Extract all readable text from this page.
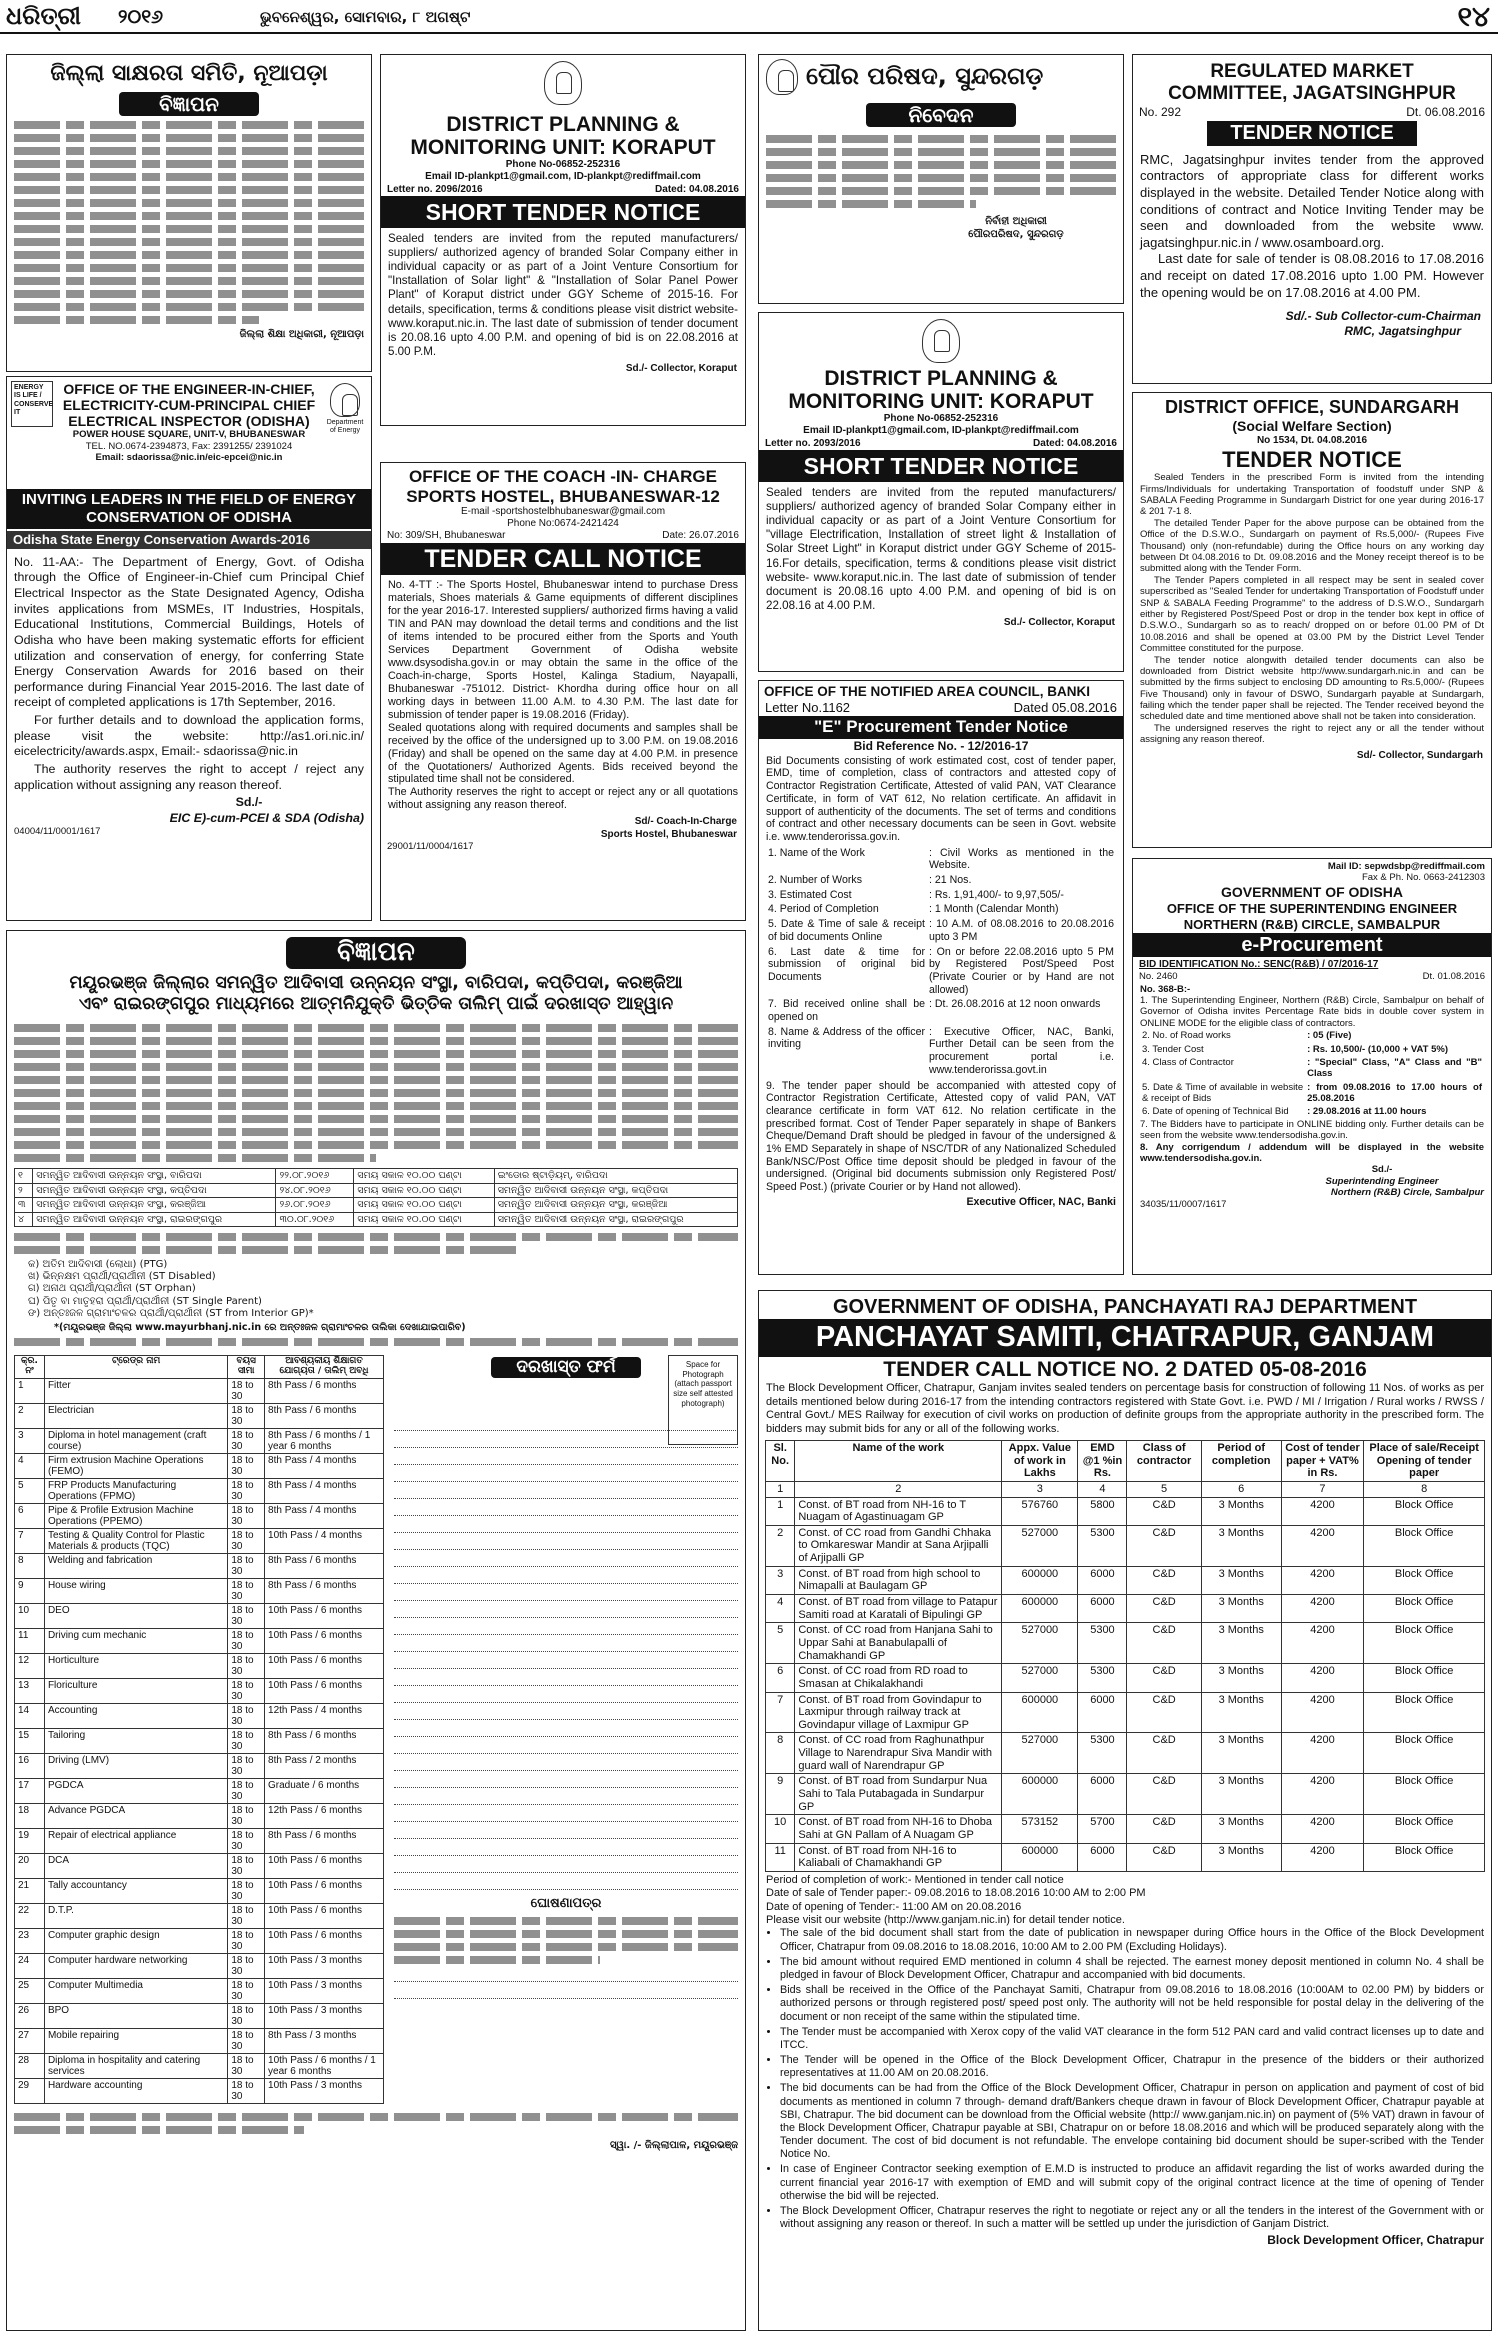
ଧରିତ୍ରୀ ୨୦୧୬	ଭୁବନେଶ୍ୱର, ସୋମବାର, ୮ ଅଗଷ୍ଟ	୧୪
ଜିଲ୍ଲା ସାକ୍ଷରତା ସମିତି, ନୂଆପଡ଼ା
ବିଜ୍ଞାପନ
ଜିଲ୍ଲା ଶିକ୍ଷା ଅଧିକାରୀ, ନୂଆପଡ଼ା
ENERGY IS LIFE / CONSERVE IT
Department of Energy
OFFICE OF THE ENGINEER-IN-CHIEF,
ELECTRICITY-CUM-PRINCIPAL CHIEF
ELECTRICAL INSPECTOR (ODISHA)
POWER HOUSE SQUARE, UNIT-V, BHUBANESWAR
TEL. NO.0674-2394873, Fax: 2391255/ 2391024
Email: sdaorissa@nic.in/eic-epcei@nic.in
INVITING LEADERS IN THE FIELD OF ENERGY CONSERVATION OF ODISHA
Odisha State Energy Conservation Awards-2016

No. 11-AA:- The Department of Energy, Govt. of Odisha through the Office of Engineer-in-Chief cum Principal Chief Electrical Inspector as the State Designated Agency, Odisha invites applications from MSMEs, IT Industries, Hospitals, Educational Institutions, Commercial Buildings, Hotels of Odisha who have been making systematic efforts for efficient utilization and conservation of energy, for conferring State Energy Conservation Awards for 2016 based on their performance during Financial Year 2015-2016. The last date of receipt of completed applications is 17th September, 2016.

For further details and to download the application forms, please visit the website: http://as1.ori.nic.in/ eicelectricity/awards.aspx, Email:- sdaorissa@nic.in

The authority reserves the right to accept / reject any application without assigning any reason thereof.

Sd./-
EIC E)-cum-PCEI & SDA (Odisha)
04004/11/0001/1617
DISTRICT PLANNING & MONITORING UNIT: KORAPUT
Phone No-06852-252316
Email ID-plankpt1@gmail.com, ID-plankpt@rediffmail.com
Letter no. 2096/2016	Dated: 04.08.2016
SHORT TENDER NOTICE
Sealed tenders are invited from the reputed manufacturers/ suppliers/ authorized agency of branded Solar Company either in individual capacity or as part of a Joint Venture Consortium for "Installation of Solar light" & "Installation of Solar Panel Power Plant" of Koraput district under GGY Scheme of 2015-16. For details, specification, terms & conditions please visit district website-www.koraput.nic.in. The last date of submission of tender document is 20.08.16 upto 4.00 P.M. and opening of bid is on 22.08.2016 at 5.00 P.M.
Sd./- Collector, Koraput
OFFICE OF THE COACH -IN- CHARGE
SPORTS HOSTEL, BHUBANESWAR-12
E-mail -sportshostelbhubaneswar@gmail.com
Phone No:0674-2421424
No: 309/SH, Bhubaneswar	Date: 26.07.2016
TENDER CALL NOTICE

No. 4-TT :- The Sports Hostel, Bhubaneswar intend to purchase Dress materials, Shoes materials & Game equipments of different disciplines for the year 2016-17. Interested suppliers/ authorized firms having a valid TIN and PAN may download the detail terms and conditions and the list of items intended to be procured either from the Sports and Youth Services Department Government of Odisha website www.dsysodisha.gov.in or may obtain the same in the office of the Coach-in-charge, Sports Hostel, Kalinga Stadium, Nayapalli, Bhubaneswar -751012. District- Khordha during office hour on all working days in between 11.00 A.M. to 4.30 P.M. The last date for submission of tender paper is 19.08.2016 (Friday).

Sealed quotations along with required documents and samples shall be received by the office of the undersigned up to 3.00 P.M. on 19.08.2016 (Friday) and shall be opened on the same day at 4.00 P.M. in presence of the Quotationers/ Authorized Agents. Bids received beyond the stipulated time shall not be considered.

The Authority reserves the right to accept or reject any or all quotations without assigning any reason thereof.

Sd/- Coach-In-Charge
Sports Hostel, Bhubaneswar
29001/11/0004/1617
ପୌର ପରିଷଦ, ସୁନ୍ଦରଗଡ଼
ନିବେଦନ
ନିର୍ବାହୀ ଅଧିକାରୀ
ପୌରପରିଷଦ, ସୁନ୍ଦରଗଡ଼
DISTRICT PLANNING & MONITORING UNIT: KORAPUT
Phone No-06852-252316
Email ID-plankpt1@gmail.com, ID-plankpt@rediffmail.com
Letter no. 2093/2016	Dated: 04.08.2016
SHORT TENDER NOTICE
Sealed tenders are invited from the reputed manufacturers/ suppliers/ authorized agency of branded Solar Company either in individual capacity or as part of a Joint Venture Consortium for "village Electrification, Installation of street light & Installation of Solar Street Light" in Koraput district under GGY Scheme of 2015-16.For details, specification, terms & conditions please visit district website- www.koraput.nic.in. The last date of submission of tender document is 20.08.16 upto 4.00 P.M. and opening of bid is on 22.08.16 at 4.00 P.M.
Sd./- Collector, Koraput
OFFICE OF THE NOTIFIED AREA COUNCIL, BANKI
Letter No.1162	Dated 05.08.2016
"E" Procurement Tender Notice
Bid Reference No. - 12/2016-17

Bid Documents consisting of work estimated cost, cost of tender paper, EMD, time of completion, class of contractors and attested copy of Contractor Registration Certificate, Attested of valid PAN, VAT Clearance Certificate, in form of VAT 612, No relation certificate. An affidavit in support of authenticity of the documents. The set of terms and conditions of contract and other necessary documents can be seen in Govt. website i.e. www.tenderorissa.gov.in.

1. Name of the Work	: Civil Works as mentioned in the Website.
2. Number of Works	: 21 Nos.
3. Estimated Cost	: Rs. 1,91,400/- to 9,97,505/-
4. Period of Completion	: 1 Month (Calendar Month)
5. Date & Time of sale & receipt of bid documents Online	: 10 A.M. of 08.08.2016 to 20.08.2016 upto 3 PM
6. Last date & time for submission of original bid Documents	: On or before 22.08.2016 upto 5 PM by Registered Post/Speed Post (Private Courier or by Hand are not allowed)
7. Bid received online shall be opened on	: Dt. 26.08.2016 at 12 noon onwards
8. Name & Address of the officer inviting	: Executive Officer, NAC, Banki, Further Detail can be seen from the procurement portal i.e. www.tenderorissa.govt.in

9. The tender paper should be accompanied with attested copy of Contractor Registration Certificate, Attested copy of valid PAN, VAT clearance certificate in form VAT 612. No relation certificate in the prescribed format. Cost of Tender Paper separately in shape of Bankers Cheque/Demand Draft should be pledged in favour of the undersigned & 1% EMD Separately in shape of NSC/TDR of any Nationalized Scheduled Bank/NSC/Post Office time deposit should be pledged in favour of the undersigned. (Original bid documents submission only Registered Post/ Speed Post.) (private Courier or by Hand not allowed).

Executive Officer, NAC, Banki
REGULATED MARKET
COMMITTEE, JAGATSINGHPUR
No. 292	Dt. 06.08.2016
TENDER NOTICE

RMC, Jagatsinghpur invites tender from the approved contractors of appropriate class for different works displayed in the website. Detailed Tender Notice along with conditions of contract and Notice Inviting Tender may be seen and downloaded from the website www. jagatsinghpur.nic.in / www.osamboard.org.

Last date for sale of tender is 08.08.2016 to 17.08.2016 and receipt on dated 17.08.2016 upto 1.00 PM. However the opening would be on 17.08.2016 at 4.00 PM.

Sd/.- Sub Collector-cum-Chairman
RMC, Jagatsinghpur
DISTRICT OFFICE, SUNDARGARH
(Social Welfare Section)
No 1534, Dt. 04.08.2016
TENDER NOTICE

Sealed Tenders in the prescribed Form is invited from the intending Firms/Individuals for undertaking Transportation of foodstuff under SNP & SABALA Feeding Programme in Sundargarh District for one year during 2016-17 & 201 7-1 8.

The detailed Tender Paper for the above purpose can be obtained from the Office of the D.S.W.O., Sundargarh on payment of Rs.5,000/- (Rupees Five Thousand) only (non-refundable) during the Office hours on any working day between Dt 04.08.2016 to Dt. 09.08.2016 and the Money receipt thereof is to be submitted along with the Tender Form.

The Tender Papers completed in all respect may be sent in sealed cover superscribed as "Sealed Tender for undertaking Transportation of Foodstuff under SNP & SABALA Feeding Programme" to the address of D.S.W.O., Sundargarh either by Registered Post/Speed Post or drop in the tender box kept in office of D.S.W.O., Sundargarh so as to reach/ dropped on or before 01.00 PM of Dt 10.08.2016 and shall be opened at 03.00 PM by the District Level Tender Committee constituted for the purpose.

The tender notice alongwith detailed tender documents can also be downloaded from District website http://www.sundargarh.nic.in and can be submitted by the firms subject to enclosing DD amounting to Rs.5,000/- (Rupees Five Thousand) only in favour of DSWO, Sundargarh payable at Sundargarh, failing which the tender paper shall be rejected. The Tender received beyond the scheduled date and time mentioned above shall not be taken into consideration.

The undersigned reserves the right to reject any or all the tender without assigning any reason thereof.

Sd/- Collector, Sundargarh
Mail ID: sepwdsbp@rediffmail.com
Fax & Ph. No. 0663-2412303
GOVERNMENT OF ODISHA
OFFICE OF THE SUPERINTENDING ENGINEER
NORTHERN (R&B) CIRCLE, SAMBALPUR
e-Procurement
BID IDENTIFICATION No.: SENC(R&B) / 07/2016-17
No. 2460	Dt. 01.08.2016
No. 368-B:-

1. The Superintending Engineer, Northern (R&B) Circle, Sambalpur on behalf of Governor of Odisha invites Percentage Rate bids in double cover system in ONLINE MODE for the eligible class of contractors.

2. No. of Road works	: 05 (Five)
3. Tender Cost	: Rs. 10,500/- (10,000 + VAT 5%)
4. Class of Contractor	: "Special" Class, "A" Class and "B" Class
5. Date & Time of available in website & receipt of Bids	: from 09.08.2016 to 17.00 hours of 25.08.2016
6. Date of opening of Technical Bid	: 29.08.2016 at 11.00 hours

7. The Bidders have to participate in ONLINE bidding only. Further details can be seen from the website www.tendersodisha.gov.in.

8. Any corrigendum / addendum will be displayed in the website www.tendersodisha.gov.in.

Sd./-
Superintending Engineer
Northern (R&B) Circle, Sambalpur
34035/11/0007/1617
ବିଜ୍ଞାପନ
ମୟୂରଭଞ୍ଜ ଜିଲ୍ଲାର ସମନ୍ୱିତ ଆଦିବାସୀ ଉନ୍ନୟନ ସଂସ୍ଥା, ବାରିପଦା, କପ୍ତିପଦା, କରଞ୍ଜିଆ
ଏବଂ ରାଇରଙ୍ଗପୁର ମାଧ୍ୟମରେ ଆତ୍ମନିଯୁକ୍ତି ଭିତ୍ତିକ ତାଲିମ୍ ପାଇଁ ଦରଖାସ୍ତ ଆହ୍ୱାନ
୧	ସମନ୍ୱିତ ଆଦିବାସୀ ଉନ୍ନୟନ ସଂସ୍ଥା, ବାରିପଦା	୨୨.୦୮.୨୦୧୬	ସମୟ ସକାଳ ୧୦.୦୦ ଘଣ୍ଟା	ଇଂଡୋର ଷ୍ଟାଡ଼ିୟମ୍, ବାରିପଦା
୨	ସମନ୍ୱିତ ଆଦିବାସୀ ଉନ୍ନୟନ ସଂସ୍ଥା, କପ୍ତିପଦା	୨୪.୦୮.୨୦୧୬	ସମୟ ସକାଳ ୧୦.୦୦ ଘଣ୍ଟା	ସମନ୍ୱିତ ଆଦିବାସୀ ଉନ୍ନୟନ ସଂସ୍ଥା, କପ୍ତିପଦା
୩	ସମନ୍ୱିତ ଆଦିବାସୀ ଉନ୍ନୟନ ସଂସ୍ଥା, କରଞ୍ଜିଆ	୨୬.୦୮.୨୦୧୬	ସମୟ ସକାଳ ୧୦.୦୦ ଘଣ୍ଟା	ସମନ୍ୱିତ ଆଦିବାସୀ ଉନ୍ନୟନ ସଂସ୍ଥା, କରଞ୍ଜିଆ
୪	ସମନ୍ୱିତ ଆଦିବାସୀ ଉନ୍ନୟନ ସଂସ୍ଥା, ରାଇରଙ୍ଗପୁର	୩୦.୦୮.୨୦୧୬	ସମୟ ସକାଳ ୧୦.୦୦ ଘଣ୍ଟା	ସମନ୍ୱିତ ଆଦିବାସୀ ଉନ୍ନୟନ ସଂସ୍ଥା, ରାଇରଙ୍ଗପୁର
କ) ଅତିମ ଆଦିବାସୀ (ଲୋଧା) (PTG)
ଖ) ଭିନ୍ନକ୍ଷମ ପ୍ରାର୍ଥୀ/ପ୍ରାର୍ଥୀନୀ (ST Disabled)
ଗ) ଅନାଥ ପ୍ରାର୍ଥୀ/ପ୍ରାର୍ଥୀନୀ (ST Orphan)
ଘ) ପିତୃ ବା ମାତୃହରା ପ୍ରାର୍ଥୀ/ପ୍ରାର୍ଥୀନୀ (ST Single Parent)
ଙ) ଅନ୍ତଃଜଳ ଗ୍ରାମାଂଚଳର ପ୍ରାର୍ଥୀ/ପ୍ରାର୍ଥୀନୀ (ST from Interior GP)*
*(ମୟୂରଭଞ୍ଜ ଜିଲ୍ଲା www.mayurbhanj.nic.in ରେ ଅନ୍ତଃଜଳ ଗ୍ରାମାଂଚଳର ତାଲିକା ଦେଖାଯାଇପାରିବ)
କ୍ର. ନଂ	ଟ୍ରେଡ୍ର ନାମ	ବୟସ ସୀମା	ଆବଶ୍ୟକୀୟ ଶିକ୍ଷାଗତ ଯୋଗ୍ୟତା / ତାଲିମ୍ ଅବଧି
1	Fitter	18 to 30	8th Pass / 6 months
2	Electrician	18 to 30	8th Pass / 6 months
3	Diploma in hotel management (craft course)	18 to 30	8th Pass / 6 months / 1 year 6 months
4	Firm extrusion Machine Operations (FEMO)	18 to 30	8th Pass / 4 months
5	FRP Products Manufacturing Operations (FPMO)	18 to 30	8th Pass / 4 months
6	Pipe & Profile Extrusion Machine Operations (PPEMO)	18 to 30	8th Pass / 4 months
7	Testing & Quality Control for Plastic Materials & products (TQC)	18 to 30	10th Pass / 4 months
8	Welding and fabrication	18 to 30	8th Pass / 6 months
9	House wiring	18 to 30	8th Pass / 6 months
10	DEO	18 to 30	10th Pass / 6 months
11	Driving cum mechanic	18 to 30	10th Pass / 6 months
12	Horticulture	18 to 30	10th Pass / 6 months
13	Floriculture	18 to 30	10th Pass / 6 months
14	Accounting	18 to 30	12th Pass / 4 months
15	Tailoring	18 to 30	8th Pass / 6 months
16	Driving (LMV)	18 to 30	8th Pass / 2 months
17	PGDCA	18 to 30	Graduate / 6 months
18	Advance PGDCA	18 to 30	12th Pass / 6 months
19	Repair of electrical appliance	18 to 30	8th Pass / 6 months
20	DCA	18 to 30	10th Pass / 6 months
21	Tally accountancy	18 to 30	10th Pass / 6 months
22	D.T.P.	18 to 30	10th Pass / 6 months
23	Computer graphic design	18 to 30	10th Pass / 6 months
24	Computer hardware networking	18 to 30	10th Pass / 3 months
25	Computer Multimedia	18 to 30	10th Pass / 3 months
26	BPO	18 to 30	10th Pass / 3 months
27	Mobile repairing	18 to 30	8th Pass / 3 months
28	Diploma in hospitality and catering services	18 to 30	10th Pass / 6 months / 1 year 6 months
29	Hardware accounting	18 to 30	10th Pass / 3 months
ଦରଖାସ୍ତ ଫର୍ମ	Space for Photograph (attach passport size self attested photograph)
ଘୋଷଣାପତ୍ର
ସ୍ୱା. /- ଜିଲ୍ଲାପାଳ, ମୟୂରଭଞ୍ଜ
GOVERNMENT OF ODISHA, PANCHAYATI RAJ DEPARTMENT
PANCHAYAT SAMITI, CHATRAPUR, GANJAM
TENDER CALL NOTICE NO. 2 DATED 05-08-2016
The Block Development Officer, Chatrapur, Ganjam invites sealed tenders on percentage basis for construction of following 11 Nos. of works as per details mentioned below during 2016-17 from the intending contractors registered with State Govt. i.e. PWD / MI / Irrigation / Rural works / RWSS / Central Govt./ MES Railway for execution of civil works on production of definite groups from the appropriate authority in the prescribed form. The bidders may submit bids for any or all of the following works.
Sl. No.	Name of the work	Appx. Value of work in Lakhs	EMD @1 %in Rs.	Class of contractor	Period of completion	Cost of tender paper + VAT% in Rs.	Place of sale/Receipt Opening of tender paper
1	2	3	4	5	6	7	8
1	Const. of BT road from NH-16 to T Nuagam of Agastinuagam GP	576760	5800	C&D	3 Months	4200	Block Office
2	Const. of CC road from Gandhi Chhaka to Omkareswar Mandir at Sana Arjipalli of Arjipalli GP	527000	5300	C&D	3 Months	4200	Block Office
3	Const. of BT road from high school to Nimapalli at Baulagam GP	600000	6000	C&D	3 Months	4200	Block Office
4	Const. of BT road from village to Patapur Samiti road at Karatali of Bipulingi GP	600000	6000	C&D	3 Months	4200	Block Office
5	Const. of CC road from Hanjana Sahi to Uppar Sahi at Banabulapalli of Chamakhandi GP	527000	5300	C&D	3 Months	4200	Block Office
6	Const. of CC road from RD road to Smasan at Chikalakhandi	527000	5300	C&D	3 Months	4200	Block Office
7	Const. of BT road from Govindapur to Laxmipur through railway track at Govindapur village of Laxmipur GP	600000	6000	C&D	3 Months	4200	Block Office
8	Const. of CC road from Raghunathpur Village to Narendrapur Siva Mandir with guard wall of Narendrapur GP	527000	5300	C&D	3 Months	4200	Block Office
9	Const. of BT road from Sundarpur Nua Sahi to Tala Putabagada in Sundarpur GP	600000	6000	C&D	3 Months	4200	Block Office
10	Const. of BT road from NH-16 to Dhoba Sahi at GN Pallam of A Nuagam GP	573152	5700	C&D	3 Months	4200	Block Office
11	Const. of BT road from NH-16 to Kaliabali of Chamakhandi GP	600000	6000	C&D	3 Months	4200	Block Office
Period of completion of work:- Mentioned in tender call notice
Date of sale of Tender paper:- 09.08.2016 to 18.08.2016 10:00 AM to 2:00 PM
Date of opening of Tender:- 11:00 AM on 20.08.2016
Please visit our website (http://www.ganjam.nic.in) for detail tender notice.
• The sale of the bid document shall start from the date of publication in newspaper during Office hours in the Office of the Block Development Officer, Chatrapur from 09.08.2016 to 18.08.2016, 10:00 AM to 2.00 PM (Excluding Holidays).
• The bid amount without required EMD mentioned in column 4 shall be rejected. The earnest money deposit mentioned in column No. 4 shall be pledged in favour of Block Development Officer, Chatrapur and accompanied with bid documents.
• Bids shall be received in the Office of the Panchayat Samiti, Chatrapur from 09.08.2016 to 18.08.2016 (10:00AM to 02.00 PM) by bidders or authorized persons or through registered post/ speed post only. The authority will not be held responsible for postal delay in the delivering of the document or non receipt of the same within the stipulated time.
• The Tender must be accompanied with Xerox copy of the valid VAT clearance in the form 512 PAN card and valid contract licenses up to date and ITCC.
• The Tender will be opened in the Office of the Block Development Officer, Chatrapur in the presence of the bidders or their authorized representatives at 11.00 AM on 20.08.2016.
• The bid documents can be had from the Office of the Block Development Officer, Chatrapur in person on application and payment of cost of bid documents as mentioned in column 7 through- demand draft/Bankers cheque drawn in favour of Block Development Officer, Chatrapur payable at SBI, Chatrapur. The bid document can be download from the Official website (http:// www.ganjam.nic.in) on payment of (5% VAT) drawn in favour of the Block Development Officer, Chatrapur payable at SBI, Chatrapur on or before 18.08.2016 and which will be produced separately along with the Tender document. The cost of bid document is not refundable. The envelope containing bid document should be super-scribed with the Tender Notice No.
• In case of Engineer Contractor seeking exemption of E.M.D is instructed to produce an affidavit regarding the list of works awarded during the current financial year 2016-17 with exemption of EMD and will submit copy of the original contract licence at the time of opening of Tender otherwise the bid will be rejected.
• The Block Development Officer, Chatrapur reserves the right to negotiate or reject any or all the tenders in the interest of the Government with or without assigning any reason or thereof. In such a matter will be settled up under the jurisdiction of Ganjam District.
Block Development Officer, Chatrapur
